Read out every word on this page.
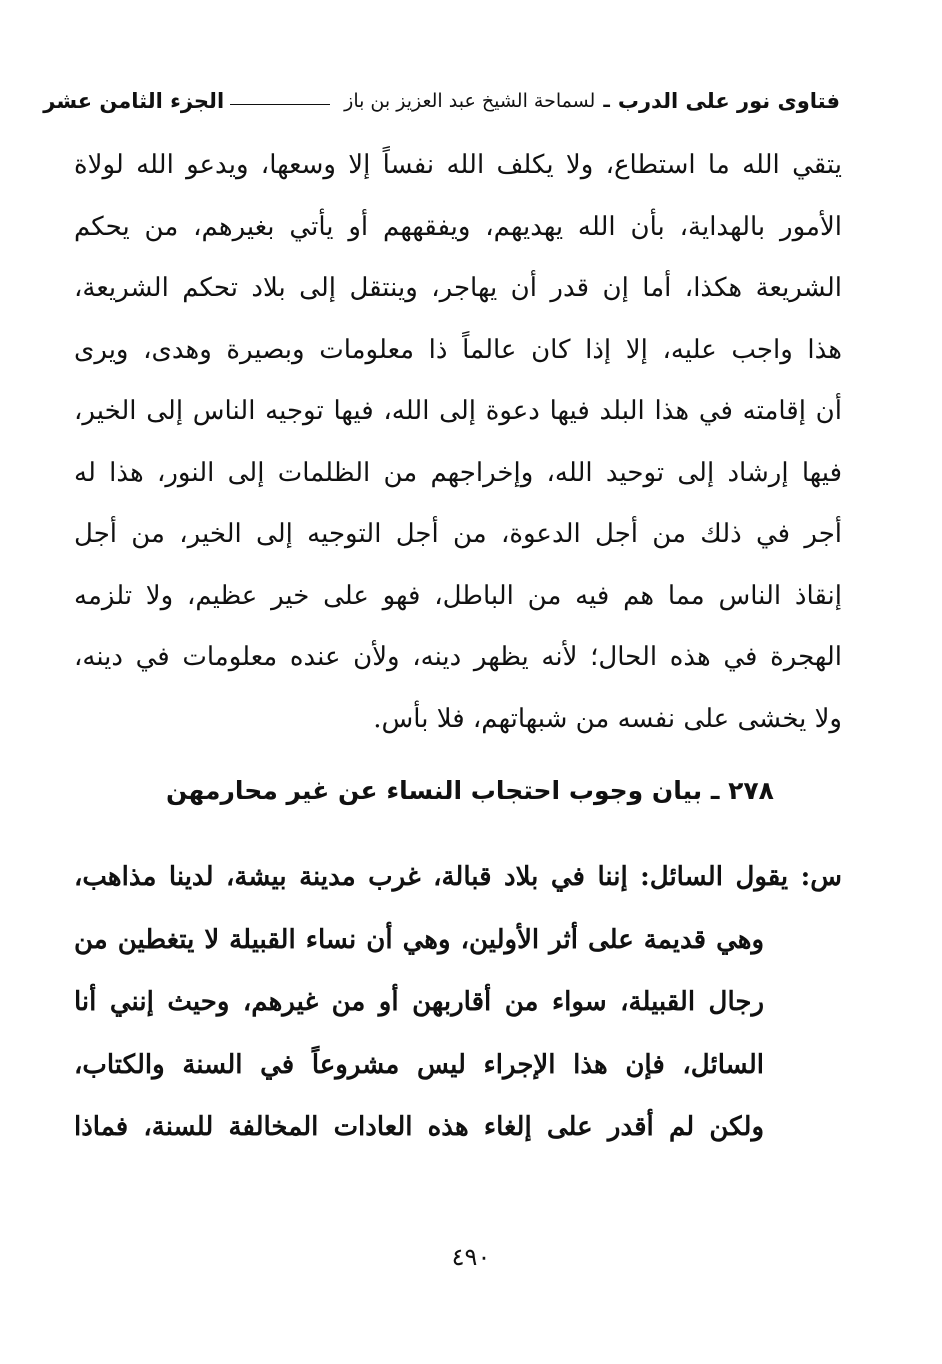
فتاوى نور على الدرب
ـ
لسماحة الشيخ عبد العزيز بن باز
الجزء الثامن عشر
يتقي الله ما استطاع، ولا يكلف الله نفساً إلا وسعها، ويدعو الله لولاة
الأمور بالهداية، بأن الله يهديهم، ويفقههم أو يأتي بغيرهم، من يحكم
الشريعة هكذا، أما إن قدر أن يهاجر، وينتقل إلى بلاد تحكم الشريعة،
هذا واجب عليه، إلا إذا كان عالماً ذا معلومات وبصيرة وهدى، ويرى
أن إقامته في هذا البلد فيها دعوة إلى الله، فيها توجيه الناس إلى الخير،
فيها إرشاد إلى توحيد الله، وإخراجهم من الظلمات إلى النور، هذا له
أجر في ذلك من أجل الدعوة، من أجل التوجيه إلى الخير، من أجل
إنقاذ الناس مما هم فيه من الباطل، فهو على خير عظيم، ولا تلزمه
الهجرة في هذه الحال؛ لأنه يظهر دينه، ولأن عنده معلومات في دينه،
ولا يخشى على نفسه من شبهاتهم، فلا بأس.
٢٧٨ ـ بيان وجوب احتجاب النساء عن غير محارمهن
س: يقول السائل: إننا في بلاد قبالة، غرب مدينة بيشة، لدينا مذاهب،
وهي قديمة على أثر الأولين، وهي أن نساء القبيلة لا يتغطين من
رجال القبيلة، سواء من أقاربهن أو من غيرهم، وحيث إنني أنا
السائل، فإن هذا الإجراء ليس مشروعاً في السنة والكتاب،
ولكن لم أقدر على إلغاء هذه العادات المخالفة للسنة، فماذا
٤٩٠
